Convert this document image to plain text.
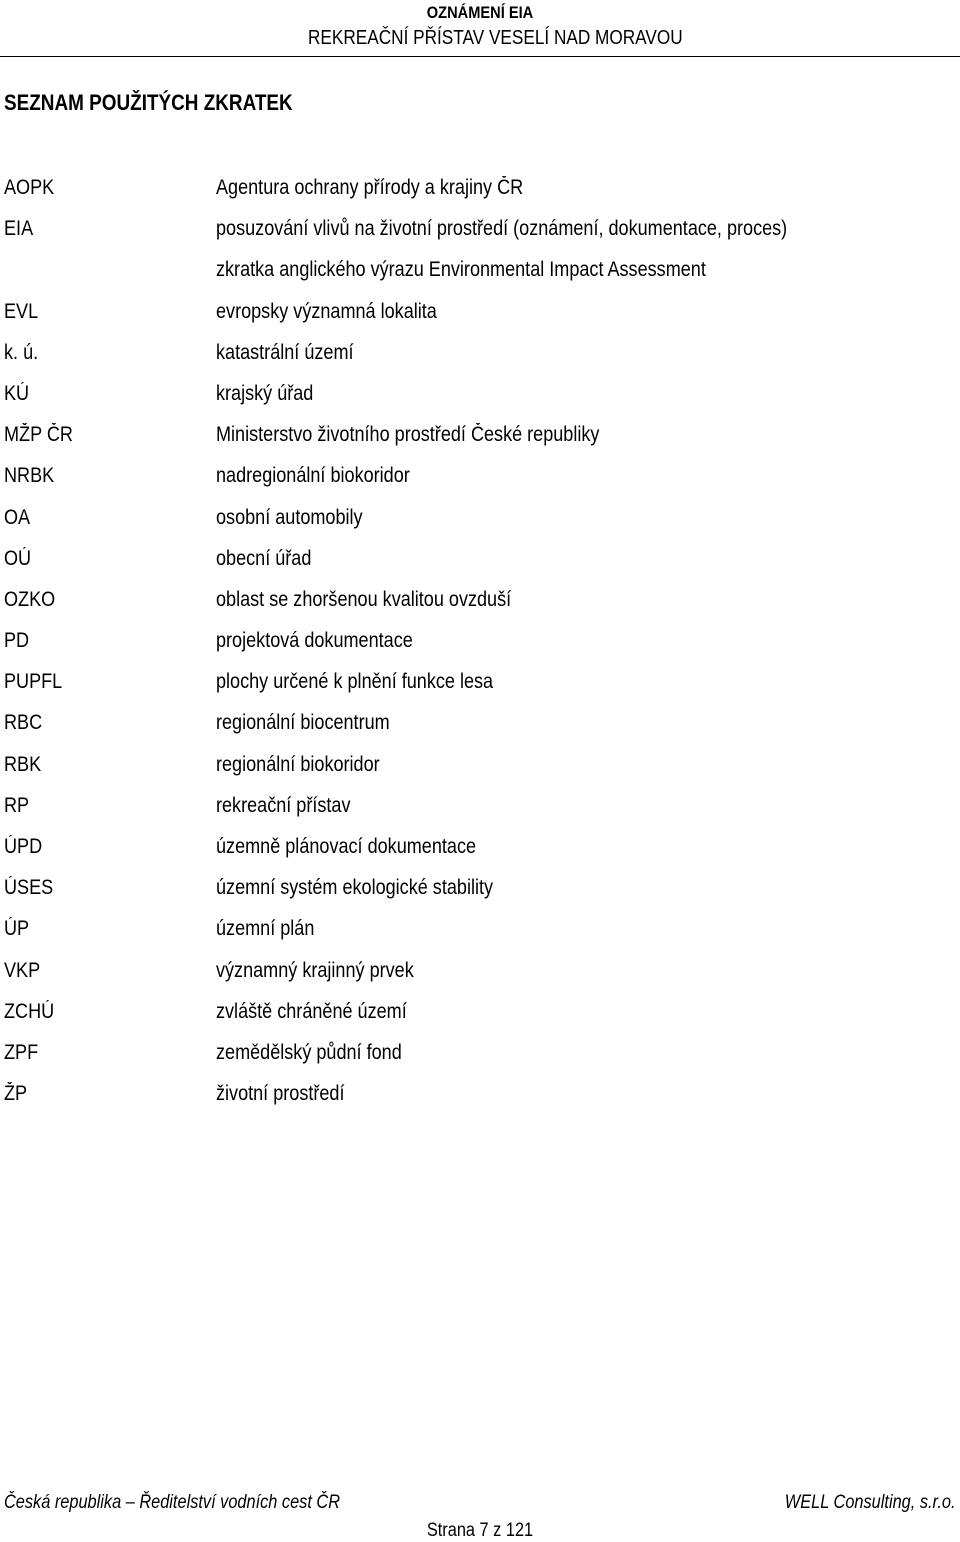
OZNÁMENÍ EIA
REKREAČNÍ PŘÍSTAV VESELÍ NAD MORAVOU
SEZNAM POUŽITÝCH ZKRATEK
AOPK	Agentura ochrany přírody a krajiny ČR
EIA	posuzování vlivů na životní prostředí (oznámení, dokumentace, proces)
zkratka anglického výrazu Environmental Impact Assessment
EVL	evropsky významná lokalita
k. ú.	katastrální území
KÚ	krajský úřad
MŽP ČR	Ministerstvo životního prostředí České republiky
NRBK	nadregionální biokoridor
OA	osobní automobily
OÚ	obecní úřad
OZKO	oblast se zhoršenou kvalitou ovzduší
PD	projektová dokumentace
PUPFL	plochy určené k plnění funkce lesa
RBC	regionální biocentrum
RBK	regionální biokoridor
RP	rekreační přístav
ÚPD	územně plánovací dokumentace
ÚSES	územní systém ekologické stability
ÚP	územní plán
VKP	významný krajinný prvek
ZCHÚ	zvláště chráněné území
ZPF	zemědělský půdní fond
ŽP	životní prostředí
Česká republika – Ředitelství vodních cest ČR	WELL Consulting, s.r.o.
Strana 7 z 121
